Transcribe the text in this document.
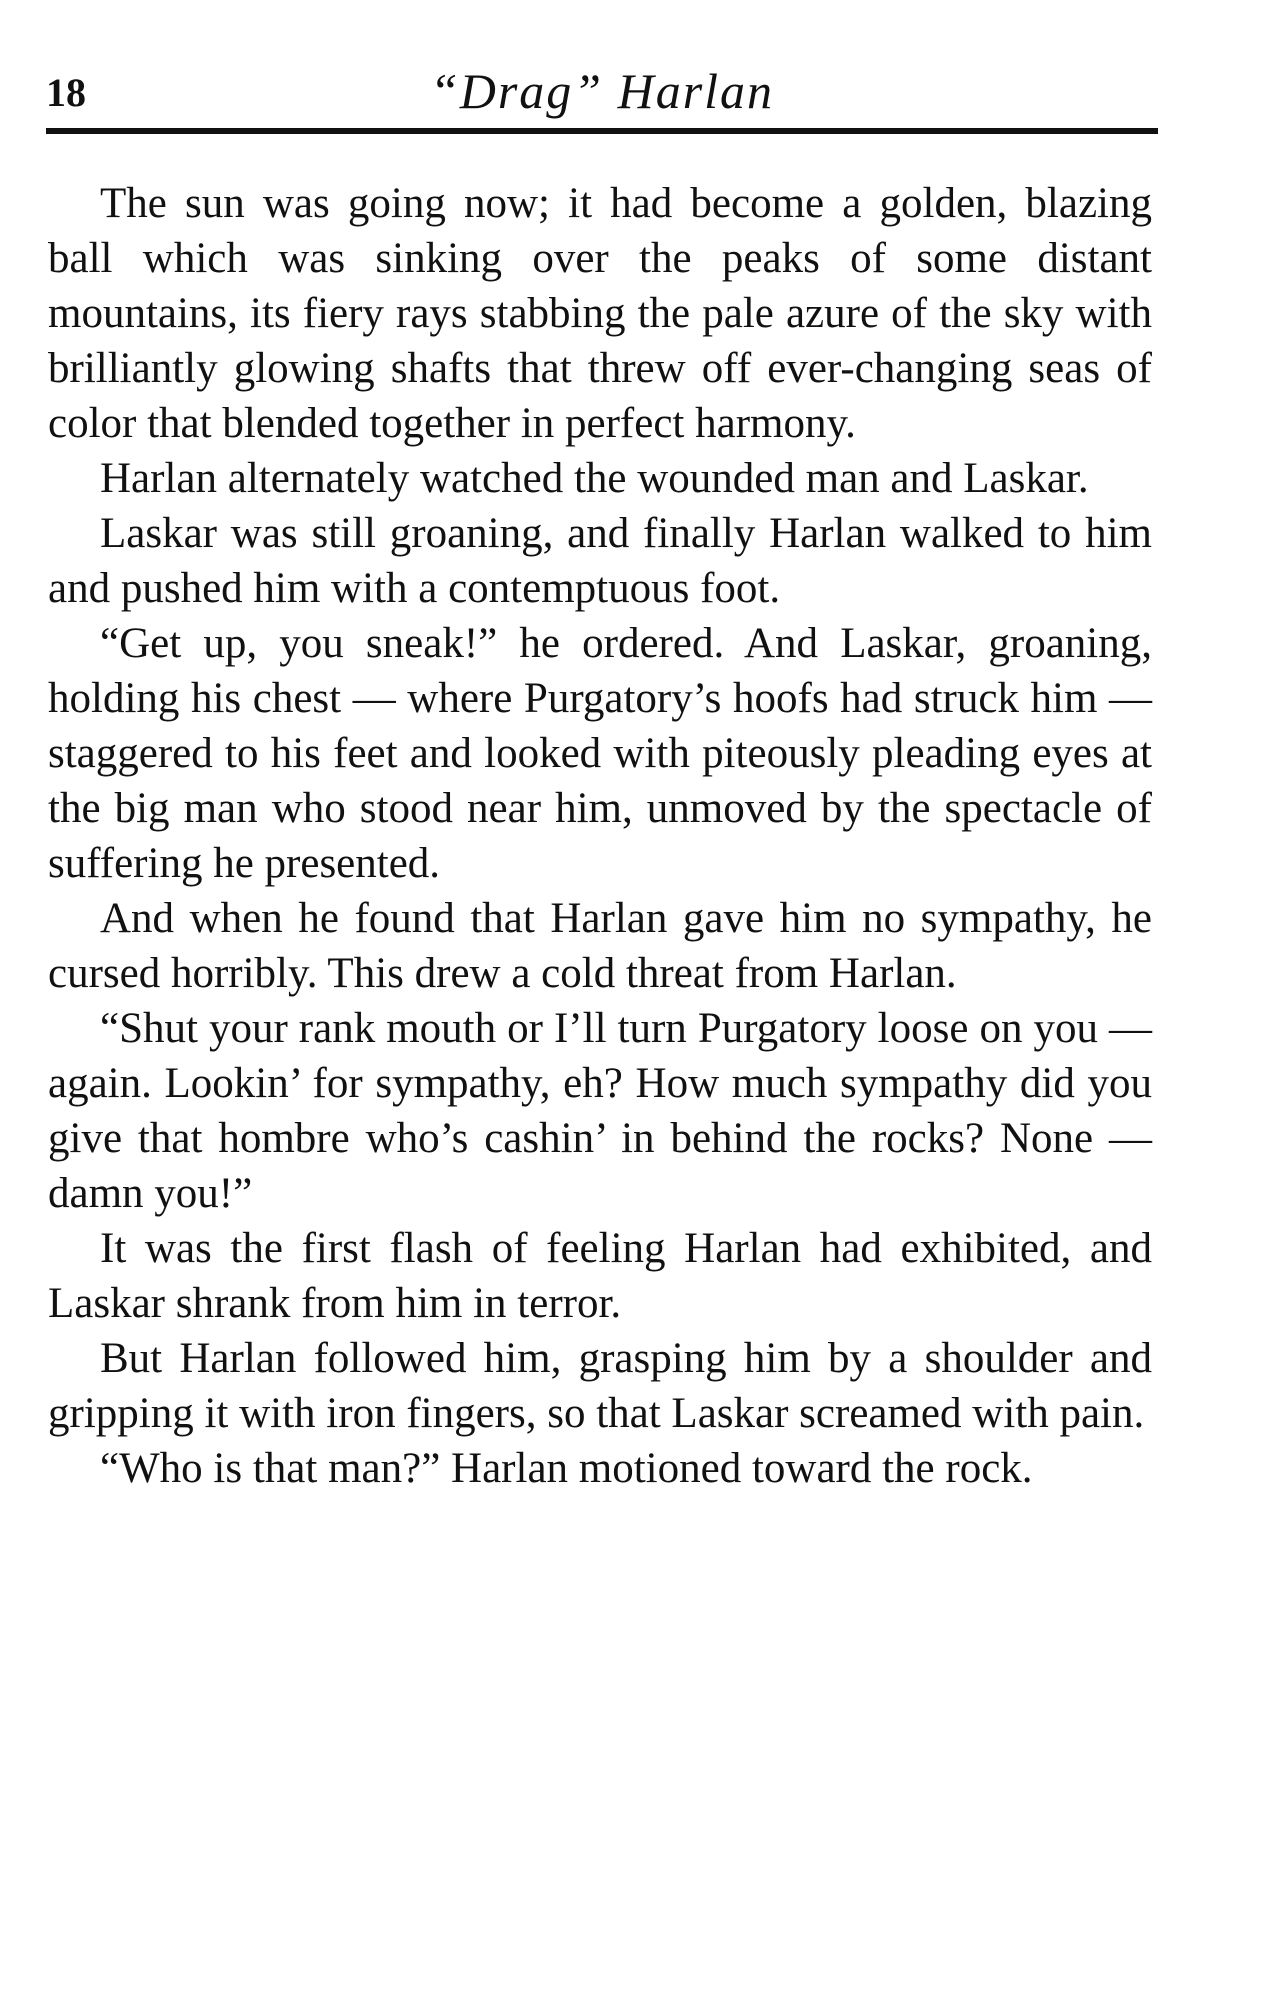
18	“Drag” Harlan

The sun was going now; it had become a golden, blazing ball which was sinking over the peaks of some distant mountains, its fiery rays stabbing the pale azure of the sky with brilliantly glowing shafts that threw off ever-changing seas of color that blended together in perfect harmony.

Harlan alternately watched the wounded man and Laskar.

Laskar was still groaning, and finally Harlan walked to him and pushed him with a contemptuous foot.

“Get up, you sneak!” he ordered. And Laskar, groaning, holding his chest — where Purgatory’s hoofs had struck him — staggered to his feet and looked with piteously pleading eyes at the big man who stood near him, unmoved by the spectacle of suffering he presented.

And when he found that Harlan gave him no sympathy, he cursed horribly. This drew a cold threat from Harlan.

“Shut your rank mouth or I’ll turn Purgatory loose on you — again. Lookin’ for sympathy, eh? How much sympathy did you give that hombre who’s cashin’ in behind the rocks? None — damn you!”

It was the first flash of feeling Harlan had exhibited, and Laskar shrank from him in terror.

But Harlan followed him, grasping him by a shoulder and gripping it with iron fingers, so that Laskar screamed with pain.

“Who is that man?” Harlan motioned toward the rock.
